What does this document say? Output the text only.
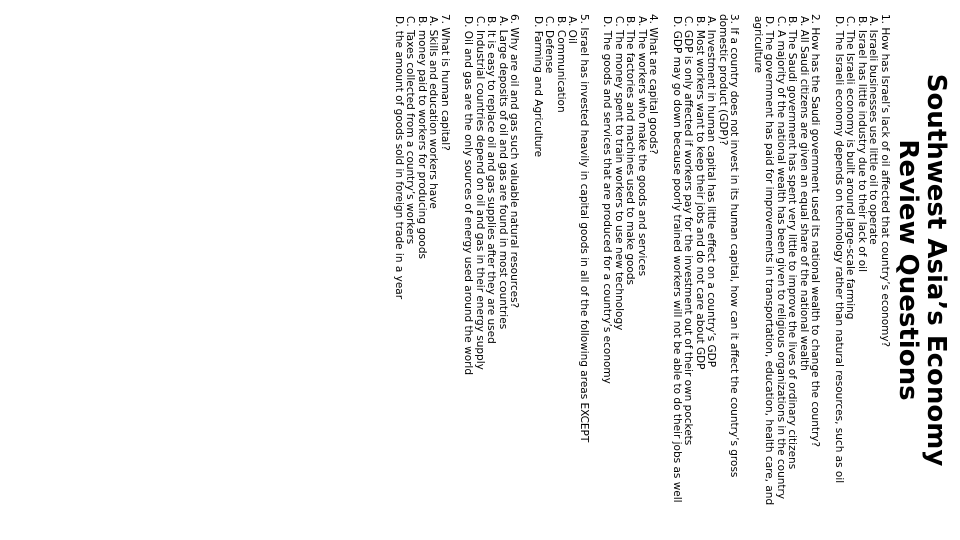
Southwest Asia’s Economy
Review Questions
1. How has Israel’s lack of oil affected that country’s economy?
A. Israeli businesses use little oil to operate
B. Israel has little industry due to their lack of oil
C. The Israeli economy is built around large-scale farming
D. The Israeli economy depends on technology rather than natural resources, such as oil
2. How has the Saudi government used its national wealth to change the country?
A. All Saudi citizens are given an equal share of the national wealth
B. The Saudi government has spent very little to improve the lives of ordinary citizens
C. A majority of the national wealth has been given to religious organizations in the country
D. The government has paid for improvements in transportation, education, health care, and agriculture
3. If a country does not invest in its human capital, how can it affect the country’s gross domestic product (GDP)?
A. Investment in human capital has little effect on a country’s GDP
B. Most workers want to keep their jobs and do not care about GDP
C. GDP is only affected if workers pay for the investment out of their own pockets
D. GDP may go down because poorly trained workers will not be able to do their jobs as well
4. What are capital goods?
A. The workers who make the goods and services
B. The factories and machines used to make goods
C. The money spent to train workers to use new technology
D. The goods and services that are produced for a country’s economy
5. Israel has invested heavily in capital goods in all of the following areas EXCEPT
A. Oil
B. Communication
C. Defense
D. Farming and Agriculture
6. Why are oil and gas such valuable natural resources?
A. Large deposits of oil and gas are found in most countries
B. It is easy to replace oil and gas supplies after they are used
C. Industrial countries depend on oil and gas in their energy supply
D. Oil and gas are the only sources of energy used around the world
7. What is human capital?
A. Skills and education workers have
B. money paid to workers for producing goods
C. Taxes collected from a country’s workers
D. the amount of goods sold in foreign trade in a year
